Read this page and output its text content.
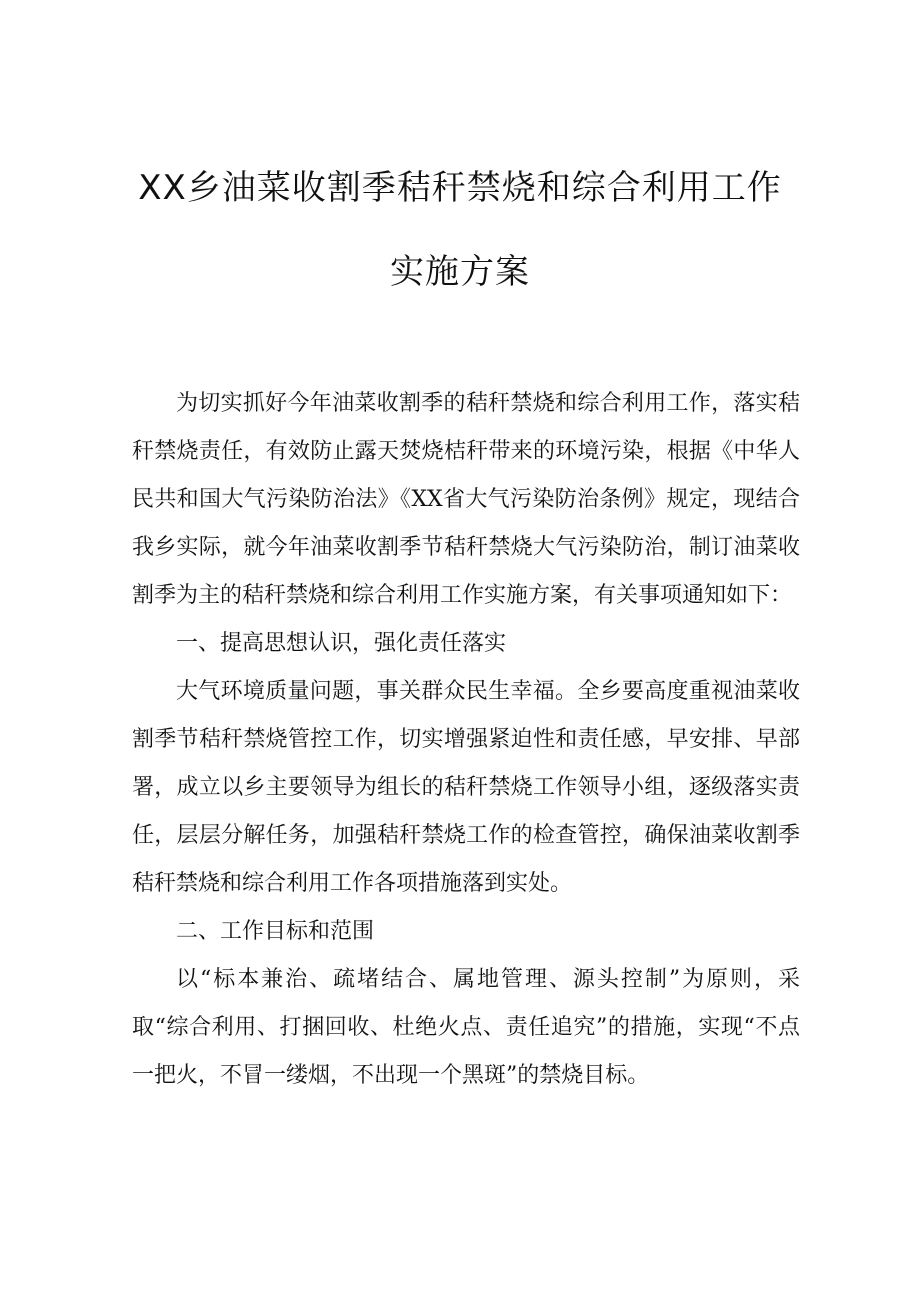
XX乡油菜收割季秸秆禁烧和综合利用工作
实施方案

为切实抓好今年油菜收割季的秸秆禁烧和综合利用工作，落实秸秆禁烧责任，有效防止露天焚烧桔秆带来的环境污染，根据《中华人民共和国大气污染防治法》《XX省大气污染防治条例》规定，现结合我乡实际，就今年油菜收割季节秸秆禁烧大气污染防治，制订油菜收割季为主的秸秆禁烧和综合利用工作实施方案，有关事项通知如下：

一、提高思想认识，强化责任落实

大气环境质量问题，事关群众民生幸福。全乡要高度重视油菜收割季节秸秆禁烧管控工作，切实增强紧迫性和责任感，早安排、早部署，成立以乡主要领导为组长的秸秆禁烧工作领导小组，逐级落实责任，层层分解任务，加强秸秆禁烧工作的检查管控，确保油菜收割季秸秆禁烧和综合利用工作各项措施落到实处。

二、工作目标和范围

以“标本兼治、疏堵结合、属地管理、源头控制”为原则，采取“综合利用、打捆回收、杜绝火点、责任追究”的措施，实现“不点一把火，不冒一缕烟，不出现一个黑斑”的禁烧目标。
